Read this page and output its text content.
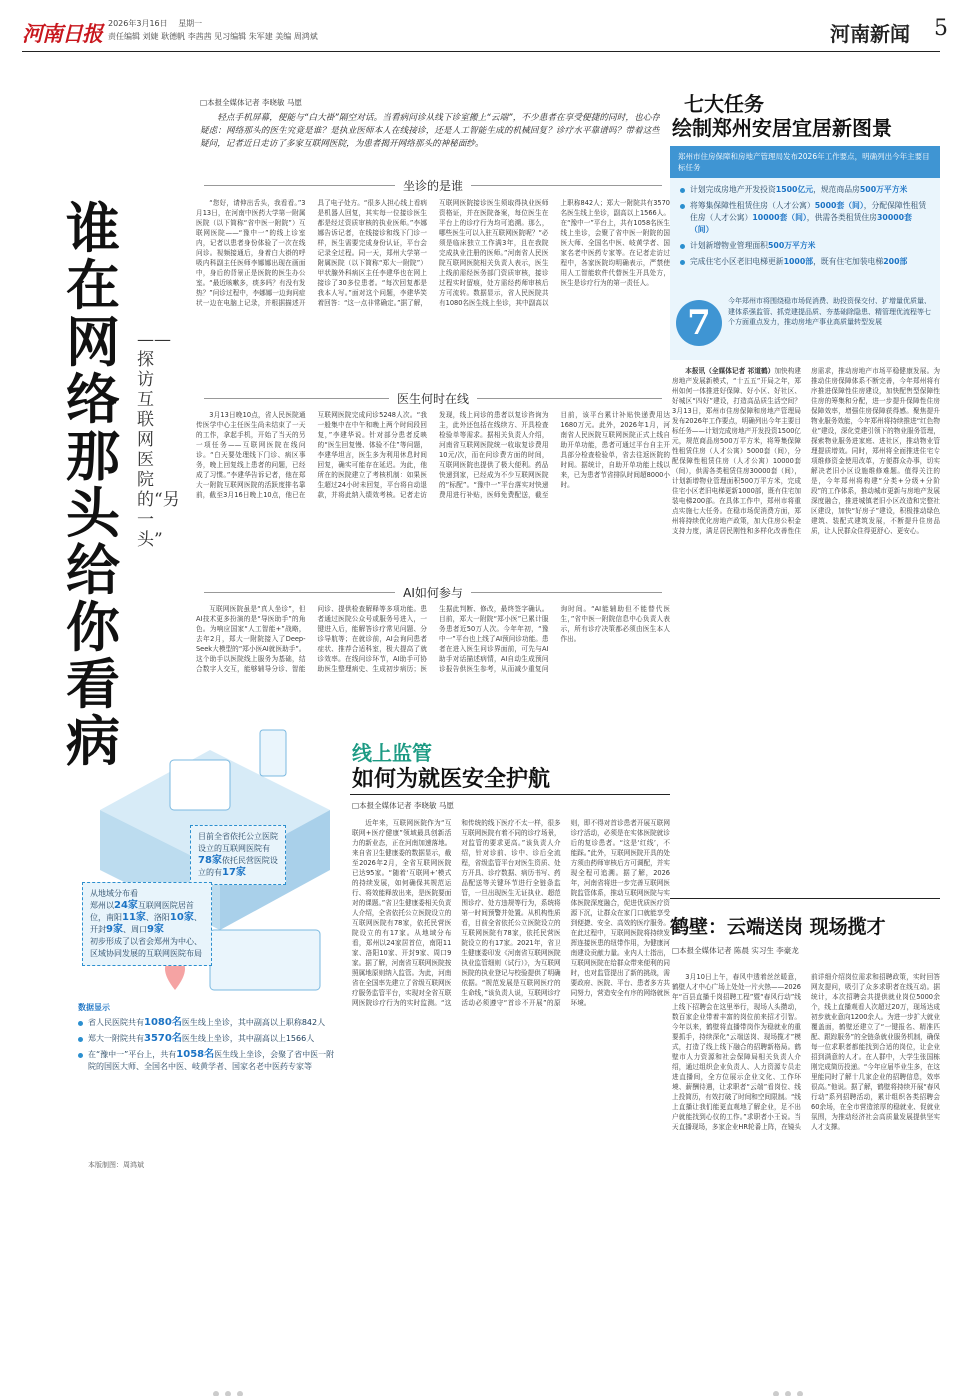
河南日报 2026年3月16日 星期一
责任编辑 刘婕 耿德帆 李茜茜 见习编辑 朱军建 美编 周鸿斌	河南新闻 5
□本报全媒体记者 李晓敏 马愿
轻点手机屏幕，便能与“白大褂”隔空对话。当看病问诊从线下诊室搬上“云端”，不少患者在享受便捷的同时，也心存疑虑：网络那头的医生究竟是谁？是执业医师本人在线接诊，还是人工智能生成的机械回复？诊疗水平靠谱吗？带着这些疑问，记者近日走访了多家互联网医院，为患者揭开网络那头的神秘面纱。
谁在网络那头给你看病
——探访互联网医院的“另一头”
坐诊的是谁
“您好，请伸出舌头，我看看。”3月13日，在河南中医药大学第一附属医院（以下简称“省中医一附院”）互联网医院——“豫中一”的线上诊室内，记者以患者身份体验了一次在线问诊。视频接通后，身着白大褂的呼吸内科副主任医师李娜娜出现在画面中，身后的背景正是医院的医生办公室。“最近咳嗽多，痰多吗？有没有发热？”问诊过程中，李娜娜一边询问症状一边在电脑上记录，并根据描述开具了电子处方。“很多人担心线上看病是机器人回复，其实每一位接诊医生都是经过资质审核的执业医师。”李娜娜告诉记者，在线接诊和线下门诊一样，医生需要完成身份认证，平台会记录全过程。同一天，郑州大学第一附属医院（以下简称“郑大一附院”）甲状腺外科病区主任李建华也在网上接诊了30多位患者。“每次回复都是我本人写。”面对这个问题，李建华笑着回答：“这一点非常确定。”据了解，互联网医院接诊医生须取得执业医师资格证，并在医院备案，每位医生在平台上的诊疗行为均可追溯。那么，哪些医生可以入驻互联网医院呢？“必须是临床独立工作满3年，且在我院完成执业注册的医师。”河南省人民医院互联网医院相关负责人表示，医生上线前需经医务部门资质审核，接诊过程实时留痕，处方需经药师审核后方可流转。数据显示，省人民医院共有1080名医生线上坐诊，其中副高以上职称842人；郑大一附院共有3570名医生线上坐诊，副高以上1566人。在“豫中一”平台上，共有1058名医生线上坐诊，会聚了省中医一附院的国医大师、全国名中医、岐黄学者、国家名老中医药专家等。在记者走访过程中，各家医院均明确表示，严禁使用人工智能软件代替医生开具处方，医生是诊疗行为的第一责任人。
医生何时在线
3月13日晚10点，省人民医院通传医学中心主任医生尚未结束了一天的工作，拿起手机，开始了当天的另一项任务——互联网医院在线问诊。“白天要处理线下门诊、病区事务，晚上回复线上患者的问题，已经成了习惯。”李建华告诉记者，他在郑大一附院互联网医院的活跃度排名靠前，截至3月16日晚上10点，他已在互联网医院完成问诊5248人次。“我一般集中在中午和晚上两个时间段回复，”李建华说。针对部分患者反映的“医生回复慢、体验不佳”等问题，李建华坦言，医生多为利用休息时间回复，确实可能存在延迟。为此，他所在的医院建立了考核机制：如果医生超过24小时未回复，平台将自动退款，并将此纳入绩效考核。记者走访发现，线上问诊的患者以复诊咨询为主，此外还包括在线续方、开具检查检验单等需求。据相关负责人介绍，河南省互联网医院统一收取复诊费用10元/次，而在问诊费方面的时间，互联网医院也提供了极大便利。药品快递到家，已经成为不少互联网医院的“标配”。“豫中一”平台落实对快递费用进行补贴，医师免费配送，截至目前，该平台累计补贴快递费用达1680万元。此外，2026年1月，河南省人民医院互联网医院正式上线自助开单功能，患者可通过平台自主开具部分检查检验单，省去往返医院的时间。据统计，自助开单功能上线以来，已为患者节省排队时间超8000小时。
AI如何参与
互联网医院虽是“真人坐诊”，但AI技术更多扮演的是“导医助手”的角色。为响应国家“人工智能+”战略，去年2月，郑大一附院接入了Deep-Seek大模型的“郑小医AI就医助手”。这个助手以医院线上服务为基础，结合数字人交互，能够辅导分诊、智能问诊、提供检查解释等多项功能。患者通过医院公众号或服务号进入，一键进入后，能解答诊疗常见问题、分诊导航等；在就诊前，AI会询问患者症状、推荐合适科室，极大提高了就诊效率。在线问诊环节，AI助手可协助医生整理病史、生成初步病历；医生据此判断、修改，最终签字确认。目前，郑大一附院“郑小医”已累计服务患者近50万人次。今年年初，“豫中一”平台也上线了AI预问诊功能。患者在进入医生问诊界面前，可先与AI助手对话描述病情，AI自动生成预问诊报告供医生参考，从而减少重复问询时间。“AI能辅助但不能替代医生，”省中医一附院信息中心负责人表示，所有诊疗决策都必须由医生本人作出。
目前全省依托公立医院设立的互联网医院有78家依托民营医院设立的有17家
从地域分布看
郑州以24家互联网医院居首位，南阳11家、洛阳10家、开封9家、周口9家
初步形成了以省会郑州为中心、区域协同发展的互联网医院布局
数据显示
省人民医院共有1080名医生线上坐诊，其中副高以上职称842人
郑大一附院共有3570名医生线上坐诊，其中副高以上1566人
在“豫中一”平台上，共有1058名医生线上坐诊，会聚了省中医一附院的国医大师、全国名中医、岐黄学者、国家名老中医药专家等
本版制图：周鸿斌
线上监管
如何为就医安全护航
□本报全媒体记者 李晓敏 马愿
近年来，互联网医院作为“互联网+医疗健康”领域最具创新活力的新业态，正在河南加速落地。来自省卫生健康委的数据显示，截至2026年2月，全省互联网医院已达95家。“随着‘互联网+’模式的持续发展，如何确保其规范运行、将效能释放出来，是医院要面对的课题。”省卫生健康委相关负责人介绍，全省依托公立医院设立的互联网医院有78家，依托民营医院设立的有17家。从地域分布看，郑州以24家居首位，南阳11家、洛阳10家、开封9家、周口9家。据了解，河南省互联网医院按照属地原则纳入监管。为此，河南省在全国率先建立了省级互联网医疗服务监管平台，实现对全省互联网医院诊疗行为的实时监测。“这和传统的线下医疗不太一样，很多互联网医院有着不同的诊疗场景，对监管的要求更高。”该负责人介绍，针对诊前、诊中、诊后全流程，省级监管平台对医生资质、处方开具、诊疗数据、病历书写、药品配送等关键环节进行全链条监管，一旦出现医生无证执业、超范围诊疗、处方违规等行为，系统将第一时间预警并处置。从机构性质看，目前全省依托公立医院设立的互联网医院有78家，依托民营医院设立的有17家。2021年，省卫生健康委印发《河南省互联网医院执业监管细则（试行）》，为互联网医院的执业登记与校验提供了明确依据。“规范发展是互联网医疗的生命线，”该负责人说，互联网诊疗活动必须遵守“首诊不开展”的原则，即不得对首诊患者开展互联网诊疗活动，必须是在实体医院就诊后的复诊患者。“这是‘红线’，不能踩。”此外，互联网医院开具的处方须由药师审核后方可调配，并实现全程可追溯。据了解，2026年，河南省将进一步完善互联网医院监管体系，推动互联网医院与实体医院深度融合，促进优质医疗资源下沉，让群众在家门口就能享受到便捷、安全、高效的医疗服务。在此过程中，互联网医院将持续发挥连接医患的纽带作用，为健康河南建设贡献力量。业内人士指出，互联网医院在给群众带来便利的同时，也对监管提出了新的挑战，需要政府、医院、平台、患者多方共同努力，营造安全有序的网络就医环境。
七大任务
绘制郑州安居宜居新图景
郑州市住房保障和房地产管理局发布2026年工作要点，明确列出今年主要目标任务
计划完成房地产开发投资1500亿元，规范商品房500万平方米
将筹集保障性租赁住房（人才公寓）5000套（间），分配保障性租赁住房（人才公寓）10000套（间），供需各类租赁住房30000套（间）
计划新增物业管理面积500万平方米
完成住宅小区老旧电梯更新1000部，既有住宅加装电梯200部
7
今年郑州市将围绕稳市场促消费、助投资保交付、扩增量优质量、建体系强监管、抓党建提品质、夯基础除隐患、精管理优流程等七个方面重点发力，推动房地产事业高质量转型发展
本报讯（全媒体记者 祁道鹤）加快构建房地产发展新模式，“十五五”开局之年，郑州如何一体推进好保障、好小区、好社区、好城区“四好”建设，打造高品质生活空间？3月13日，郑州市住房保障和房地产管理局发布2026年工作要点，明确列出今年主要目标任务——计划完成房地产开发投资1500亿元，规范商品房500万平方米，将筹集保障性租赁住房（人才公寓）5000套（间），分配保障性租赁住房（人才公寓）10000套（间），供需各类租赁住房30000套（间），计划新增物业管理面积500万平方米，完成住宅小区老旧电梯更新1000部，既有住宅加装电梯200部。在具体工作中，郑州市将重点实施七大任务。在稳市场促消费方面，郑州将持续优化房地产政策，加大住房公积金支持力度，满足居民刚性和多样化改善性住房需求，推动房地产市场平稳健康发展。为推动住房保障体系不断完善，今年郑州将有序推进保障性住房建设，加快配售型保障性住房的筹集和分配，进一步提升保障性住房保障效率，增强住房保障获得感。聚焦提升物业服务效能，今年郑州将持续推进“红色物业”建设，深化党建引领下的物业服务管理，探索物业服务进家庭、进社区，推动物业管理提质增效。同时，郑州将全面推进住宅专项维修资金使用改革，方便群众办事，切实解决老旧小区设施维修难题。值得关注的是，今年郑州将构建“分类+分级+分阶段”的工作体系，推动城市更新与房地产发展深度融合，推进城镇老旧小区改造和完整社区建设，加快“好房子”建设，积极推动绿色建筑、装配式建筑发展，不断提升住房品质，让人民群众住得更舒心、更安心。
鹤壁：云端送岗 现场揽才
□本报全媒体记者 陈晨 实习生 李豪龙
3月10日上午，春风中透着丝丝暖意，鹤壁人才中心广场上处处一片火热——2026年“百县直播千岗招聘工程”暨“春风行动”线上线下招聘会在这里举行，现场人头攒动，数百家企业带着丰富的岗位前来招才引智。今年以来，鹤壁将直播带岗作为稳就业的重要抓手，持续深化“云端送岗、现场揽才”模式，打造了线上线下融合的招聘新格局。鹤壁市人力资源和社会保障局相关负责人介绍，通过组织企业负责人、人力资源专员走进直播间，全方位展示企业文化、工作环境、薪酬待遇，让求职者“云端”看岗位、线上投简历，有效打破了时间和空间限制。“线上直播让我们能更直观地了解企业，足不出户就能找到心仪的工作。”求职者小王说。当天直播现场，多家企业HR轮番上阵，在镜头前详细介绍岗位需求和招聘政策，实时回答网友提问，吸引了众多求职者在线互动。据统计，本次招聘会共提供就业岗位5000余个，线上直播观看人次超过20万，现场达成初步就业意向1200余人。为进一步扩大就业覆盖面，鹤壁还建立了“一键报名、精准匹配、跟踪服务”的全链条就业服务机制，确保每一位求职者都能找到合适的岗位，让企业招到满意的人才。在人群中，大学生张国栋刚完成简历投递。“今年应届毕业生多，在这里能同时了解十几家企业的招聘信息，效率很高。”他说。据了解，鹤壁将持续开展“春风行动”系列招聘活动，累计组织各类招聘会60余场，在全市营造浓厚的稳就业、促就业氛围，为推动经济社会高质量发展提供坚实人才支撑。
